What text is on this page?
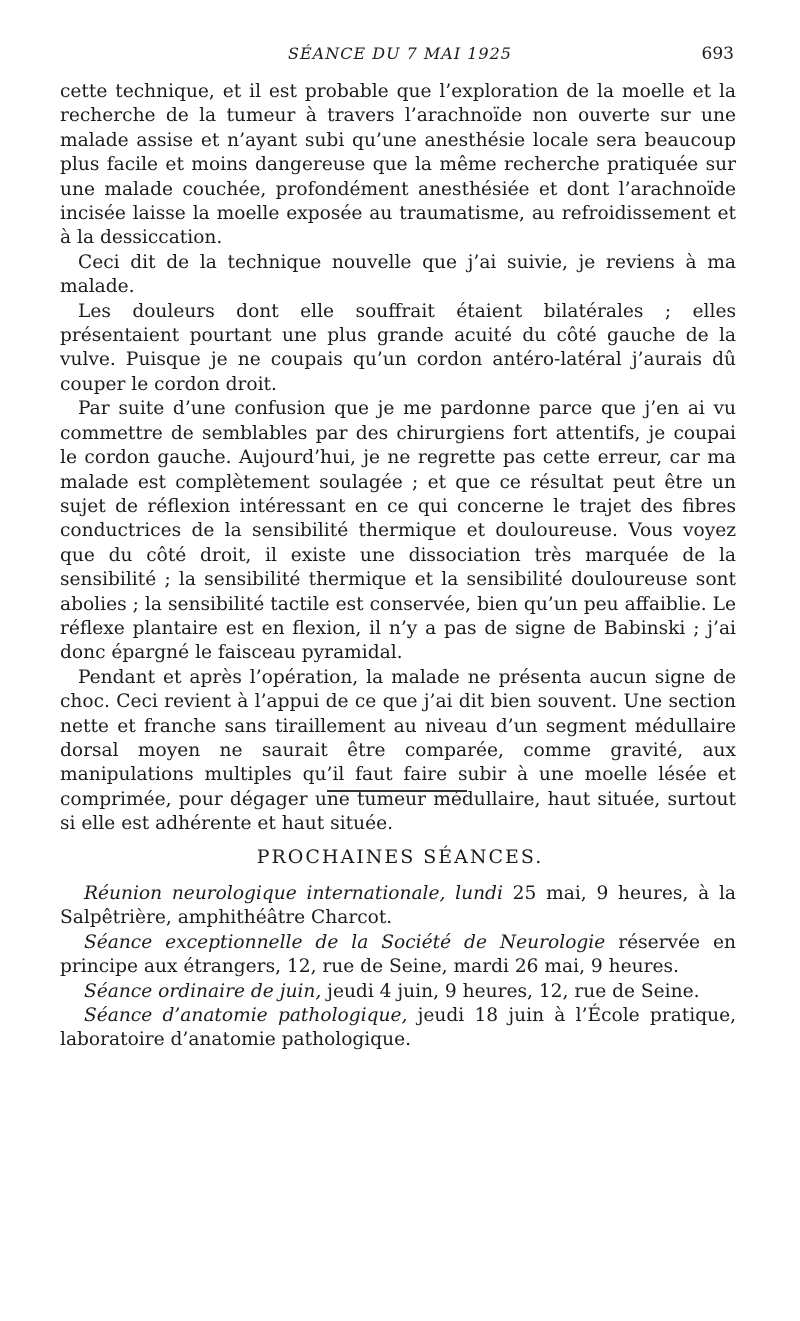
SÉANCE DU 7 MAI 1925	693

cette technique, et il est probable que l’exploration de la moelle et la recherche de la tumeur à travers l’arachnoïde non ouverte sur une malade assise et n’ayant subi qu’une anesthésie locale sera beaucoup plus facile et moins dangereuse que la même recherche pratiquée sur une malade couchée, profondément anesthésiée et dont l’arachnoïde incisée laisse la moelle exposée au traumatisme, au refroidissement et à la dessiccation.

Ceci dit de la technique nouvelle que j’ai suivie, je reviens à ma malade.

Les douleurs dont elle souffrait étaient bilatérales ; elles présentaient pourtant une plus grande acuité du côté gauche de la vulve. Puisque je ne coupais qu’un cordon antéro-latéral j’aurais dû couper le cordon droit.

Par suite d’une confusion que je me pardonne parce que j’en ai vu commettre de semblables par des chirurgiens fort attentifs, je coupai le cordon gauche. Aujourd’hui, je ne regrette pas cette erreur, car ma malade est complètement soulagée ; et que ce résultat peut être un sujet de réflexion intéressant en ce qui concerne le trajet des fibres conductrices de la sensibilité thermique et douloureuse. Vous voyez que du côté droit, il existe une dissociation très marquée de la sensibilité ; la sensibilité thermique et la sensibilité douloureuse sont abolies ; la sensibilité tactile est conservée, bien qu’un peu affaiblie. Le réflexe plantaire est en flexion, il n’y a pas de signe de Babinski ; j’ai donc épargné le faisceau pyramidal.

Pendant et après l’opération, la malade ne présenta aucun signe de choc. Ceci revient à l’appui de ce que j’ai dit bien souvent. Une section nette et franche sans tiraillement au niveau d’un segment médullaire dorsal moyen ne saurait être comparée, comme gravité, aux manipulations multiples qu’il faut faire subir à une moelle lésée et comprimée, pour dégager une tumeur médullaire, haut située, surtout si elle est adhérente et haut située.

PROCHAINES SÉANCES.

Réunion neurologique internationale, lundi 25 mai, 9 heures, à la Salpêtrière, amphithéâtre Charcot.

Séance exceptionnelle de la Société de Neurologie réservée en principe aux étrangers, 12, rue de Seine, mardi 26 mai, 9 heures.

Séance ordinaire de juin, jeudi 4 juin, 9 heures, 12, rue de Seine.

Séance d’anatomie pathologique, jeudi 18 juin à l’École pratique, laboratoire d’anatomie pathologique.
